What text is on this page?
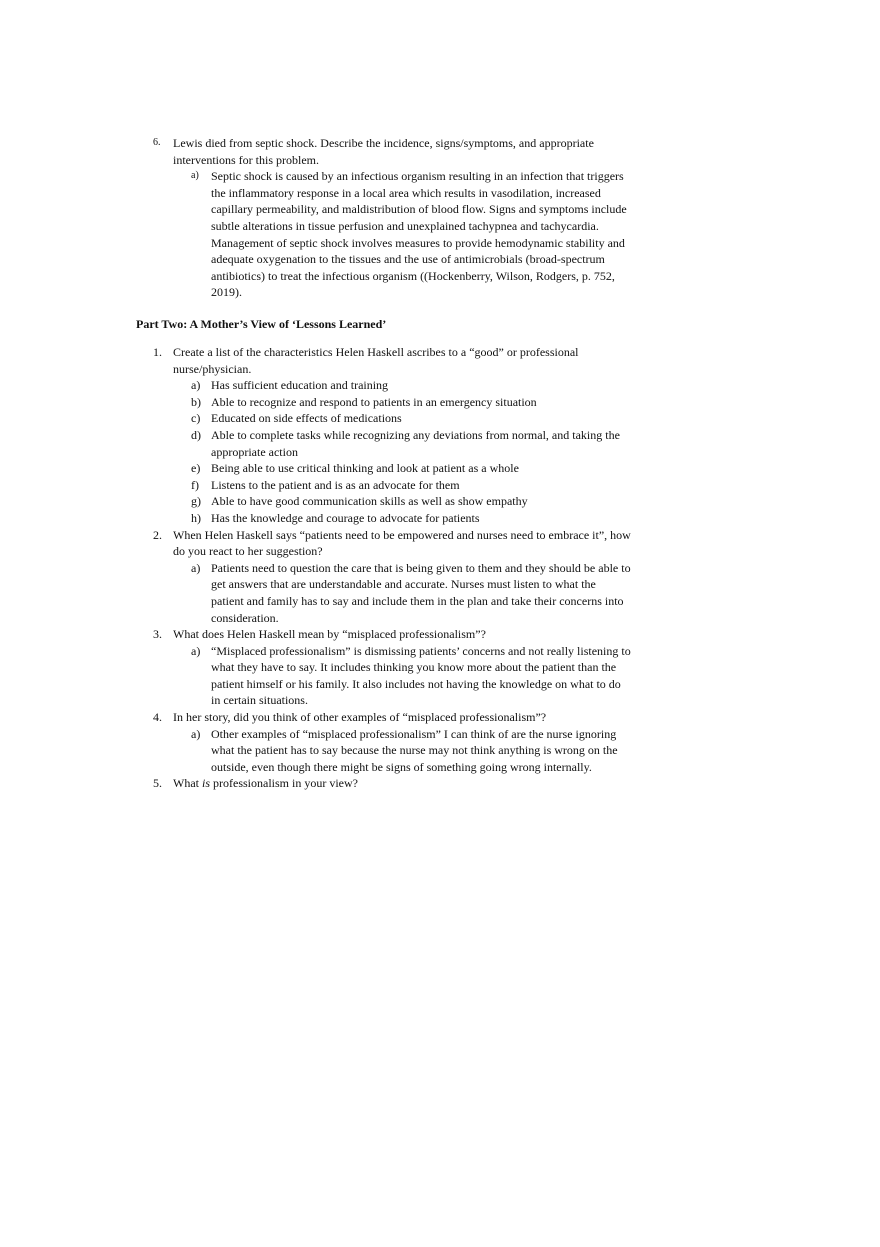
6. Lewis died from septic shock. Describe the incidence, signs/symptoms, and appropriate interventions for this problem.
a) Septic shock is caused by an infectious organism resulting in an infection that triggers the inflammatory response in a local area which results in vasodilation, increased capillary permeability, and maldistribution of blood flow. Signs and symptoms include subtle alterations in tissue perfusion and unexplained tachypnea and tachycardia. Management of septic shock involves measures to provide hemodynamic stability and adequate oxygenation to the tissues and the use of antimicrobials (broad-spectrum antibiotics) to treat the infectious organism ((Hockenberry, Wilson, Rodgers, p. 752, 2019).
Part Two: A Mother’s View of ‘Lessons Learned’
1. Create a list of the characteristics Helen Haskell ascribes to a “good” or professional nurse/physician.
a) Has sufficient education and training
b) Able to recognize and respond to patients in an emergency situation
c) Educated on side effects of medications
d) Able to complete tasks while recognizing any deviations from normal, and taking the appropriate action
e) Being able to use critical thinking and look at patient as a whole
f) Listens to the patient and is as an advocate for them
g) Able to have good communication skills as well as show empathy
h) Has the knowledge and courage to advocate for patients
2. When Helen Haskell says “patients need to be empowered and nurses need to embrace it”, how do you react to her suggestion?
a) Patients need to question the care that is being given to them and they should be able to get answers that are understandable and accurate. Nurses must listen to what the patient and family has to say and include them in the plan and take their concerns into consideration.
3. What does Helen Haskell mean by “misplaced professionalism”?
a) “Misplaced professionalism” is dismissing patients’ concerns and not really listening to what they have to say. It includes thinking you know more about the patient than the patient himself or his family. It also includes not having the knowledge on what to do in certain situations.
4. In her story, did you think of other examples of “misplaced professionalism”?
a) Other examples of “misplaced professionalism” I can think of are the nurse ignoring what the patient has to say because the nurse may not think anything is wrong on the outside, even though there might be signs of something going wrong internally.
5. What is professionalism in your view?
